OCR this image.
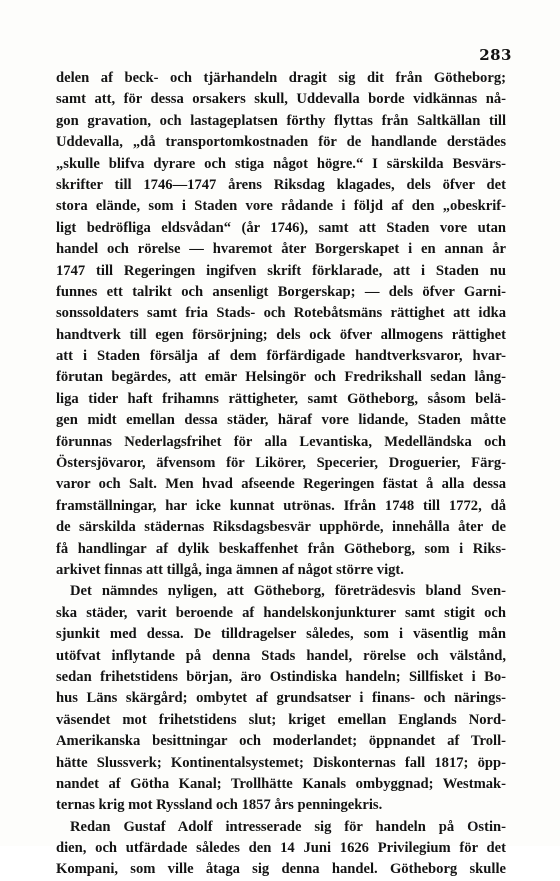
283
delen af beck- och tjärhandeln dragit sig dit från Götheborg;
samt att, för dessa orsakers skull, Uddevalla borde vidkännas nå-
gon gravation, och lastageplatsen förthy flyttas från Saltkällan till
Uddevalla, „då transportomkostnaden för de handlande derstädes
„skulle blifva dyrare och stiga något högre.“ I särskilda Besvärs-
skrifter till 1746—1747 årens Riksdag klagades, dels öfver det
stora elände, som i Staden vore rådande i följd af den „obeskrif-
ligt bedröfliga eldsvådan“ (år 1746), samt att Staden vore utan
handel och rörelse — hvaremot åter Borgerskapet i en annan år
1747 till Regeringen ingifven skrift förklarade, att i Staden nu
funnes ett talrikt och ansenligt Borgerskap; — dels öfver Garni-
sonssoldaters samt fria Stads- och Rotebåtsmäns rättighet att idka
handtverk till egen försörjning; dels ock öfver allmogens rättighet
att i Staden försälja af dem förfärdigade handtverksvaror, hvar-
förutan begärdes, att emär Helsingör och Fredrikshall sedan lång-
liga tider haft frihamns rättigheter, samt Götheborg, såsom belä-
gen midt emellan dessa städer, häraf vore lidande, Staden måtte
förunnas Nederlagsfrihet för alla Levantiska, Medelländska och
Östersjövaror, äfvensom för Likörer, Specerier, Droguerier, Färg-
varor och Salt. Men hvad afseende Regeringen fästat å alla dessa
framställningar, har icke kunnat utrönas. Ifrån 1748 till 1772, då
de särskilda städernas Riksdagsbesvär upphörde, innehålla åter de
få handlingar af dylik beskaffenhet från Götheborg, som i Riks-
arkivet finnas att tillgå, inga ämnen af något större vigt.
Det nämndes nyligen, att Götheborg, företrädesvis bland Sven-
ska städer, varit beroende af handelskonjunkturer samt stigit och
sjunkit med dessa. De tilldragelser således, som i väsentlig mån
utöfvat inflytande på denna Stads handel, rörelse och välstånd,
sedan frihetstidens början, äro Ostindiska handeln; Sillfisket i Bo-
hus Läns skärgård; ombytet af grundsatser i finans- och närings-
väsendet mot frihetstidens slut; kriget emellan Englands Nord-
Amerikanska besittningar och moderlandet; öppnandet af Troll-
hätte Slussverk; Kontinentalsystemet; Diskonternas fall 1817; öpp-
nandet af Götha Kanal; Trollhätte Kanals ombyggnad; Westmak-
ternas krig mot Ryssland och 1857 års penningekris.
Redan Gustaf Adolf intresserade sig för handeln på Ostin-
dien, och utfärdade således den 14 Juni 1626 Privilegium för det
Kompani, som ville åtaga sig denna handel. Götheborg skulle
